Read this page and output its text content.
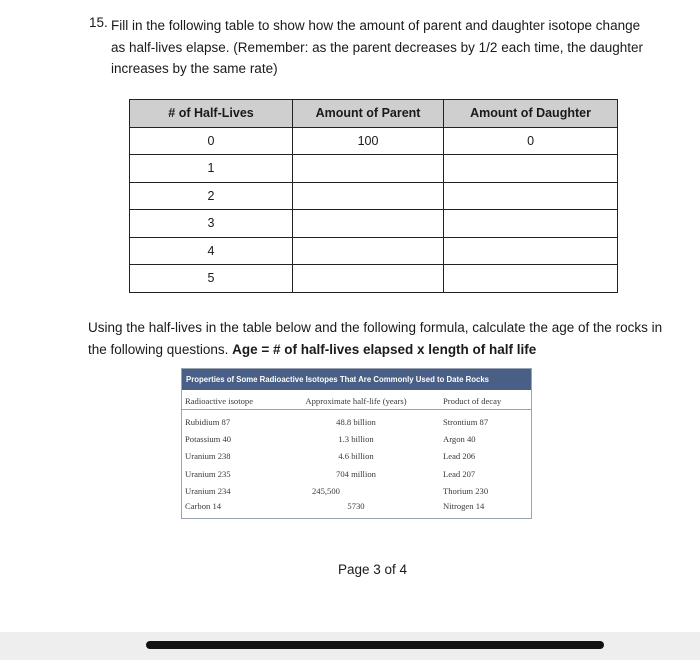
15. Fill in the following table to show how the amount of parent and daughter isotope change as half-lives elapse. (Remember: as the parent decreases by 1/2 each time, the daughter increases by the same rate)
# of Half-Lives	Amount of Parent	Amount of Daughter
0	100	0
1		
2		
3		
4		
5		
Using the half-lives in the table below and the following formula, calculate the age of the rocks in the following questions. Age = # of half-lives elapsed x length of half life
Properties of Some Radioactive Isotopes That Are Commonly Used to Date Rocks
Radioactive isotope	Approximate half-life (years)	Product of decay
Rubidium 87	48.8 billion	Strontium 87
Potassium 40	1.3 billion	Argon 40
Uranium 238	4.6 billion	Lead 206
Uranium 235	704 million	Lead 207
Uranium 234	245,500	Thorium 230
Carbon 14	5730	Nitrogen 14
Page 3 of 4
